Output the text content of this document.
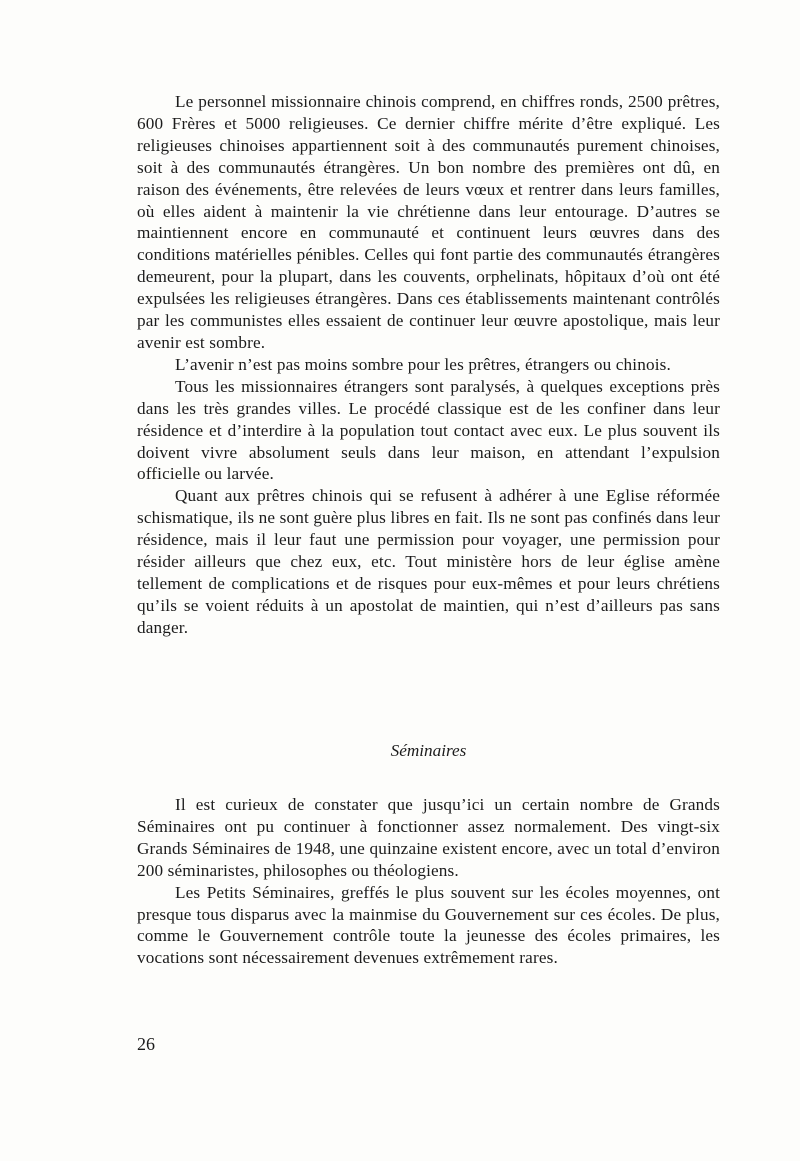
Le personnel missionnaire chinois comprend, en chiffres ronds, 2500 prêtres, 600 Frères et 5000 religieuses. Ce dernier chiffre mérite d’être expliqué. Les religieuses chinoises appartiennent soit à des communautés purement chinoises, soit à des communautés étrangères. Un bon nombre des premières ont dû, en raison des événements, être relevées de leurs vœux et rentrer dans leurs familles, où elles aident à maintenir la vie chrétienne dans leur entourage. D’autres se maintiennent encore en communauté et continuent leurs œuvres dans des conditions matérielles pénibles. Celles qui font partie des communautés étrangères demeurent, pour la plupart, dans les couvents, orphelinats, hôpitaux d’où ont été expulsées les religieuses étrangères. Dans ces établissements maintenant contrôlés par les communistes elles essaient de continuer leur œuvre apostolique, mais leur avenir est sombre.

L’avenir n’est pas moins sombre pour les prêtres, étrangers ou chinois.

Tous les missionnaires étrangers sont paralysés, à quelques exceptions près dans les très grandes villes. Le procédé classique est de les confiner dans leur résidence et d’interdire à la population tout contact avec eux. Le plus souvent ils doivent vivre absolument seuls dans leur maison, en attendant l’expulsion officielle ou larvée.

Quant aux prêtres chinois qui se refusent à adhérer à une Eglise réformée schismatique, ils ne sont guère plus libres en fait. Ils ne sont pas confinés dans leur résidence, mais il leur faut une permission pour voyager, une permission pour résider ailleurs que chez eux, etc. Tout ministère hors de leur église amène tellement de complications et de risques pour eux-mêmes et pour leurs chrétiens qu’ils se voient réduits à un apostolat de maintien, qui n’est d’ailleurs pas sans danger.

Séminaires

Il est curieux de constater que jusqu’ici un certain nombre de Grands Séminaires ont pu continuer à fonctionner assez normalement. Des vingt-six Grands Séminaires de 1948, une quinzaine existent encore, avec un total d’environ 200 séminaristes, philosophes ou théologiens.

Les Petits Séminaires, greffés le plus souvent sur les écoles moyennes, ont presque tous disparus avec la mainmise du Gouvernement sur ces écoles. De plus, comme le Gouvernement contrôle toute la jeunesse des écoles primaires, les vocations sont nécessairement devenues extrêmement rares.

26
